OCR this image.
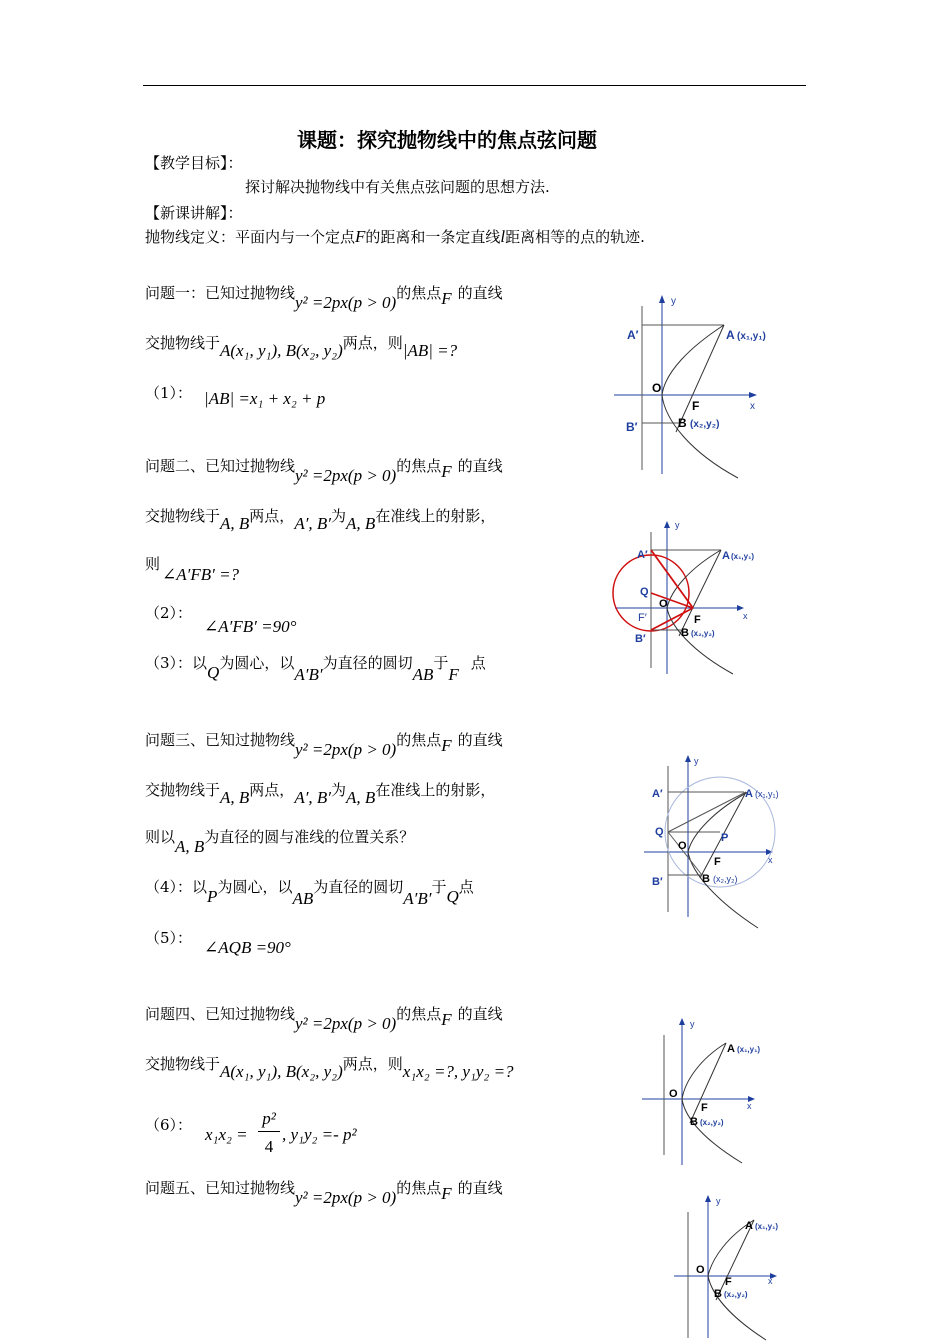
课题：探究抛物线中的焦点弦问题
【教学目标】：
探讨解决抛物线中有关焦点弦问题的思想方法.
【新课讲解】：
抛物线定义：平面内与一个定点F的距离和一条定直线l距离相等的点的轨迹.
问题一：已知过抛物线y² =2px(p > 0)的焦点F 的直线
交抛物线于A(x₁, y₁), B(x₂, y₂)两点，则|AB| =?
（1）： |AB| =x₁ + x₂ + p
问题二、已知过抛物线y² =2px(p > 0)的焦点F 的直线
交抛物线于A, B两点，A′, B′为A, B在准线上的射影，
则
∠A′FB′ =?
（2）：∠A′FB′ =90°
（3）：以Q为圆心，以A′B′为直径的圆切AB于F点
问题三、已知过抛物线y² =2px(p > 0)的焦点F 的直线
交抛物线于A, B两点，A′, B′为A, B在准线上的射影，
则以A, B为直径的圆与准线的位置关系？
（4）：以P为圆心，以AB为直径的圆切A′B′于Q点
（5）： ∠AQB =90°
问题四、已知过抛物线y² =2px(p > 0)的焦点F 的直线
交抛物线于A(x₁, y₁), B(x₂, y₂)两点，则x₁x₂ =?, y₁y₂ =?
（6）： x₁x₂ =
p²
4
, y₁y₂ =- p²
问题五、已知过抛物线y² =2px(p > 0)的焦点F 的直线
A′	A (x₁,y₁)
O
F	x
y
B′	B (x₂,y₂)
A′	A (x₁,y₁)
Q
O
F′	F	x
y
B′	B (x₂,y₂)
A′	A (x₁,y₁)
Q	P
O
F	x
y
B′	B (x₂,y₂)
A (x₁,y₁)
O
F	x
y
B (x₂,y₂)
A (x₁,y₁)
O
F	x
y
B (x₂,y₂)
